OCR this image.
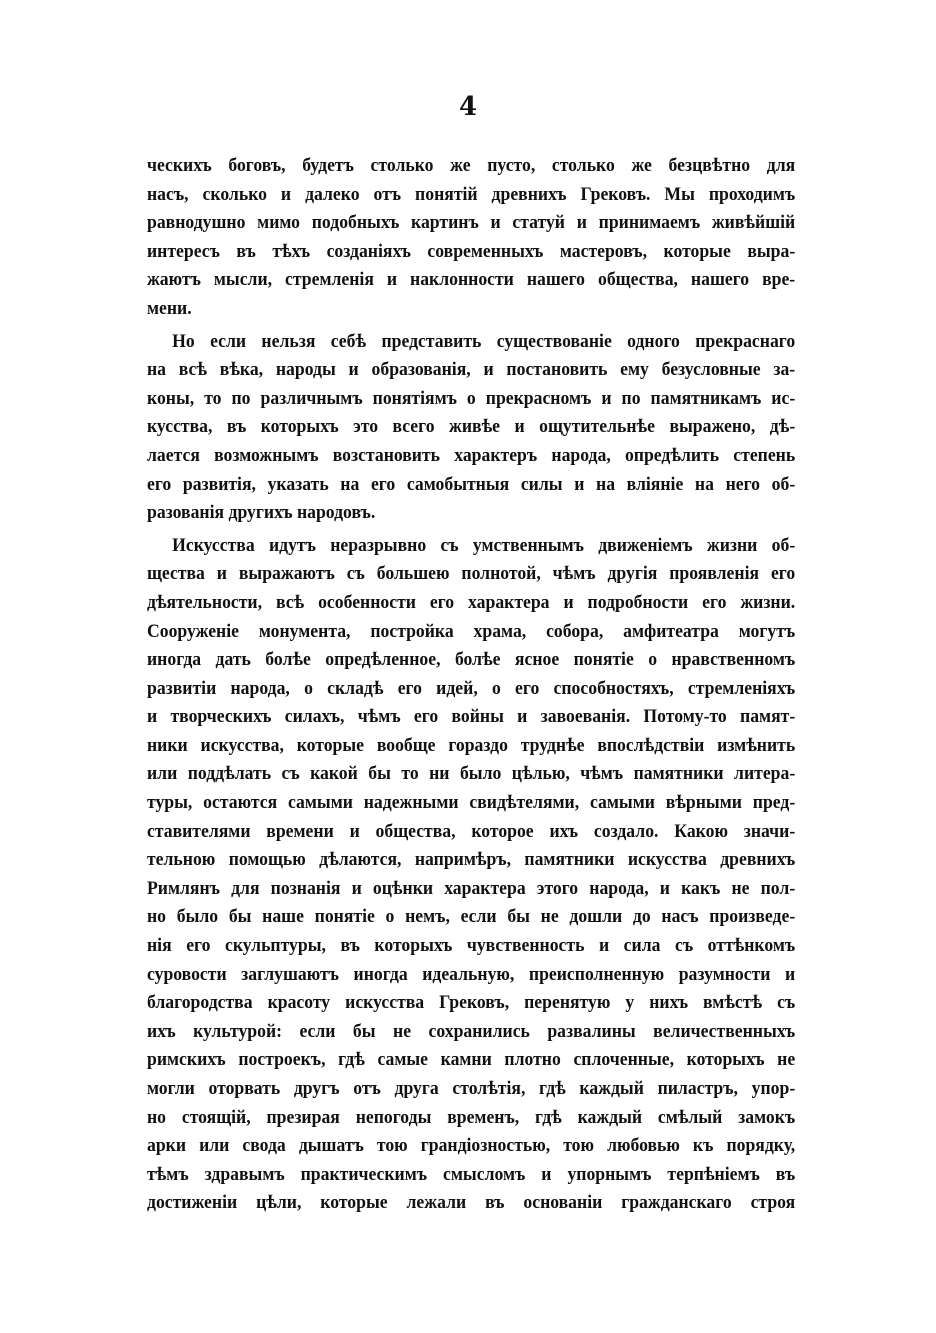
4
ческихъ боговъ, будетъ столько же пусто, столько же безцвѣтно для
насъ, сколько и далеко отъ понятій древнихъ Грековъ. Мы проходимъ
равнодушно мимо подобныхъ картинъ и статуй и принимаемъ живѣйшій
интересъ въ тѣхъ созданіяхъ современныхъ мастеровъ, которые выра-
жаютъ мысли, стремленія и наклонности нашего общества, нашего вре-
мени.
Но если нельзя себѣ представить существованіе одного прекраснаго
на всѣ вѣка, народы и образованія, и постановить ему безусловные за-
коны, то по различнымъ понятіямъ о прекрасномъ и по памятникамъ ис-
кусства, въ которыхъ это всего живѣе и ощутительнѣе выражено, дѣ-
лается возможнымъ возстановить характеръ народа, опредѣлить степень
его развитія, указать на его самобытныя силы и на вліяніе на него об-
разованія другихъ народовъ.
Искусства идутъ неразрывно съ умственнымъ движеніемъ жизни об-
щества и выражаютъ съ большею полнотой, чѣмъ другія проявленія его
дѣятельности, всѣ особенности его характера и подробности его жизни.
Сооруженіе монумента, постройка храма, собора, амфитеатра могутъ
иногда дать болѣе опредѣленное, болѣе ясное понятіе о нравственномъ
развитіи народа, о складѣ его идей, о его способностяхъ, стремленіяхъ
и творческихъ силахъ, чѣмъ его войны и завоеванія. Потому-то памят-
ники искусства, которые вообще гораздо труднѣе впослѣдствіи измѣнить
или поддѣлать съ какой бы то ни было цѣлью, чѣмъ памятники литера-
туры, остаются самыми надежными свидѣтелями, самыми вѣрными пред-
ставителями времени и общества, которое ихъ создало. Какою значи-
тельною помощью дѣлаются, напримѣръ, памятники искусства древнихъ
Римлянъ для познанія и оцѣнки характера этого народа, и какъ не пол-
но было бы наше понятіе о немъ, если бы не дошли до насъ произведе-
нія его скульптуры, въ которыхъ чувственность и сила съ оттѣнкомъ
суровости заглушаютъ иногда идеальную, преисполненную разумности и
благородства красоту искусства Грековъ, перенятую у нихъ вмѣстѣ съ
ихъ культурой: если бы не сохранились развалины величественныхъ
римскихъ построекъ, гдѣ самые камни плотно сплоченные, которыхъ не
могли оторвать другъ отъ друга столѣтія, гдѣ каждый пиластръ, упор-
но стоящій, презирая непогоды временъ, гдѣ каждый смѣлый замокъ
арки или свода дышатъ тою грандіозностью, тою любовью къ порядку,
тѣмъ здравымъ практическимъ смысломъ и упорнымъ терпѣніемъ въ
достиженіи цѣли, которые лежали въ основаніи гражданскаго строя
